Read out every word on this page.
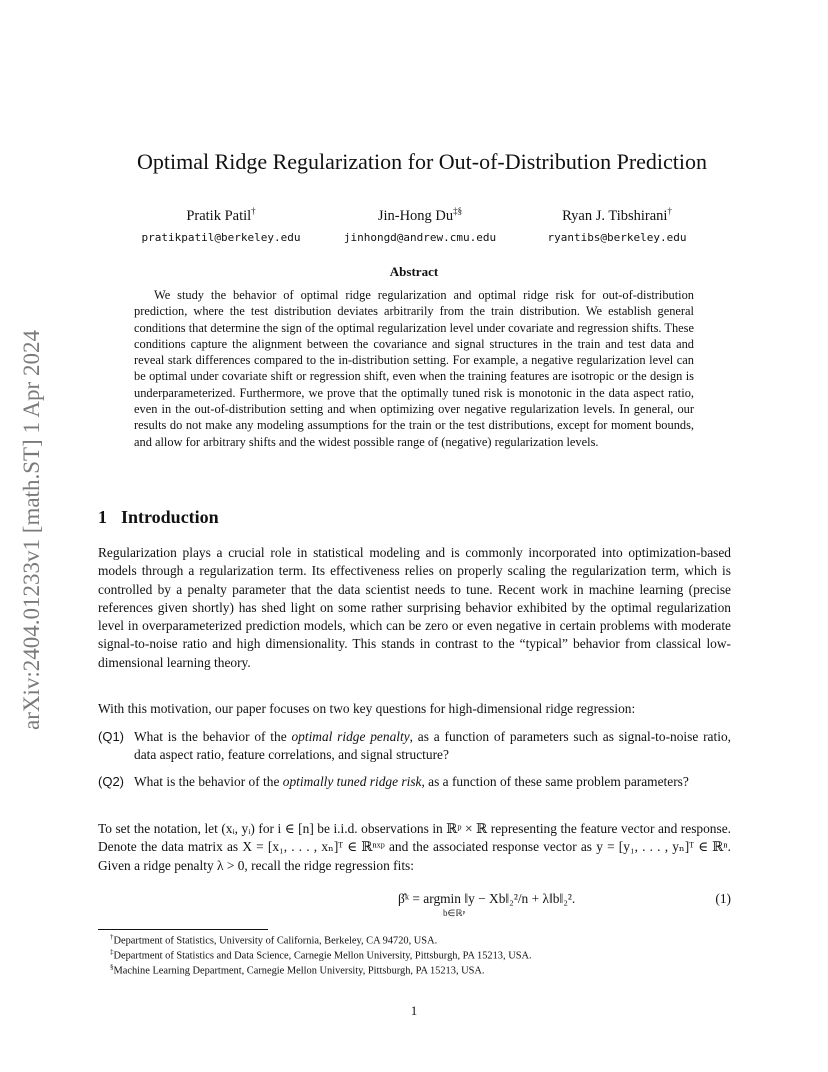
arXiv:2404.01233v1 [math.ST] 1 Apr 2024
Optimal Ridge Regularization for Out-of-Distribution Prediction
Pratik Patil†
pratikpatil@berkeley.edu
Jin-Hong Du‡§
jinhongd@andrew.cmu.edu
Ryan J. Tibshirani†
ryantibs@berkeley.edu
Abstract

We study the behavior of optimal ridge regularization and optimal ridge risk for out-of-distribution prediction, where the test distribution deviates arbitrarily from the train distribution. We establish general conditions that determine the sign of the optimal regularization level under covariate and regression shifts. These conditions capture the alignment between the covariance and signal structures in the train and test data and reveal stark differences compared to the in-distribution setting. For example, a negative regularization level can be optimal under covariate shift or regression shift, even when the training features are isotropic or the design is underparameterized. Furthermore, we prove that the optimally tuned risk is monotonic in the data aspect ratio, even in the out-of-distribution setting and when optimizing over negative regularization levels. In general, our results do not make any modeling assumptions for the train or the test distributions, except for moment bounds, and allow for arbitrary shifts and the widest possible range of (negative) regularization levels.

1 Introduction

Regularization plays a crucial role in statistical modeling and is commonly incorporated into optimization-based models through a regularization term. Its effectiveness relies on properly scaling the regularization term, which is controlled by a penalty parameter that the data scientist needs to tune. Recent work in machine learning (precise references given shortly) has shed light on some rather surprising behavior exhibited by the optimal regularization level in overparameterized prediction models, which can be zero or even negative in certain problems with moderate signal-to-noise ratio and high dimensionality. This stands in contrast to the “typical” behavior from classical low-dimensional learning theory.

With this motivation, our paper focuses on two key questions for high-dimensional ridge regression:

(Q1) What is the behavior of the optimal ridge penalty, as a function of parameters such as signal-to-noise ratio, data aspect ratio, feature correlations, and signal structure?
(Q2) What is the behavior of the optimally tuned ridge risk, as a function of these same problem parameters?

To set the notation, let (xᵢ, yᵢ) for i ∈ [n] be i.i.d. observations in ℝᵖ × ℝ representing the feature vector and response. Denote the data matrix as X = [x₁, . . . , xₙ]ᵀ ∈ ℝⁿˣᵖ and the associated response vector as y = [y₁, . . . , yₙ]ᵀ ∈ ℝⁿ. Given a ridge penalty λ > 0, recall the ridge regression fits:

β̂ᵏ = argmin ‖y − Xb‖₂²/n + λ‖b‖₂².
b∈ℝᵖ
(1)
†Department of Statistics, University of California, Berkeley, CA 94720, USA.
‡Department of Statistics and Data Science, Carnegie Mellon University, Pittsburgh, PA 15213, USA.
§Machine Learning Department, Carnegie Mellon University, Pittsburgh, PA 15213, USA.
1
